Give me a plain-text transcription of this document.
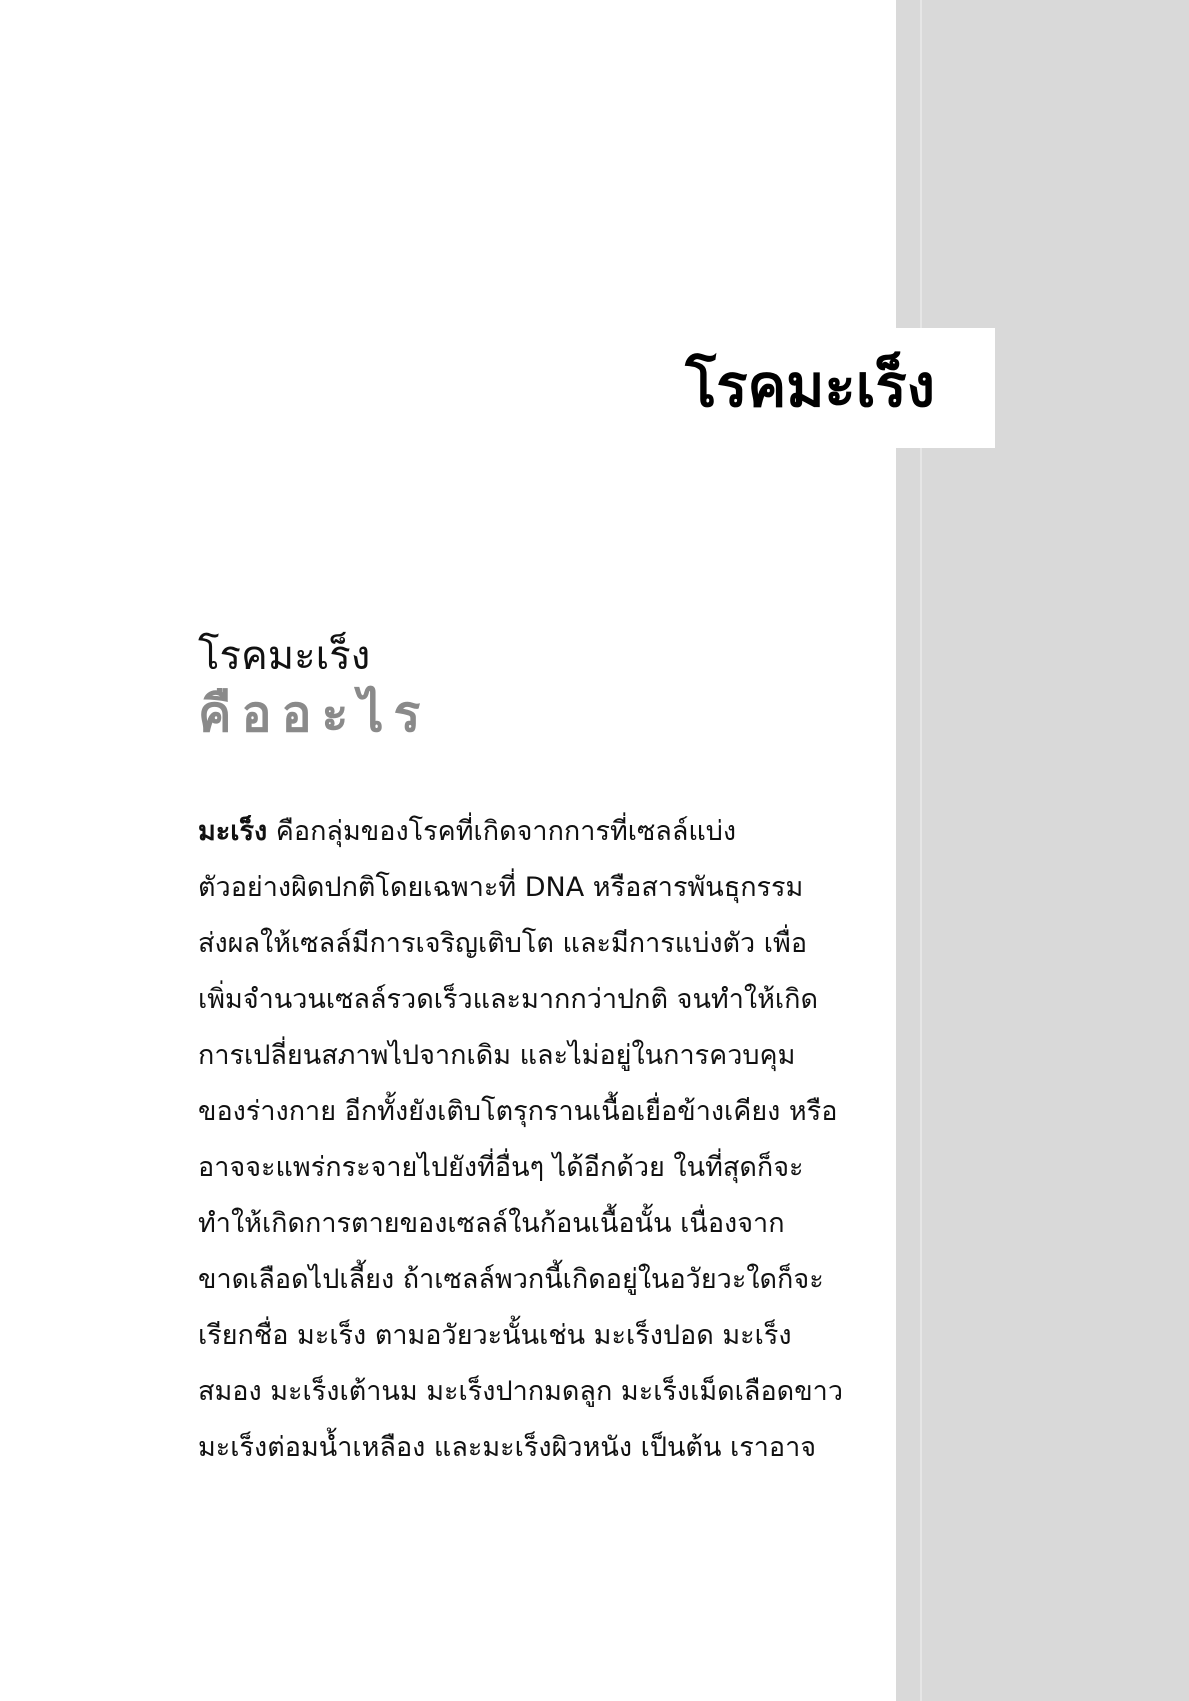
โรคมะเร็ง
โรคมะเร็ง
คืออะไร
มะเร็ง คือกลุ่มของโรคที่เกิดจากการที่เซลล์แบ่ง
ตัวอย่างผิดปกติโดยเฉพาะที่ DNA หรือสารพันธุกรรม
ส่งผลให้เซลล์มีการเจริญเติบโต และมีการแบ่งตัว เพื่อ
เพิ่มจำนวนเซลล์รวดเร็วและมากกว่าปกติ จนทำให้เกิด
การเปลี่ยนสภาพไปจากเดิม และไม่อยู่ในการควบคุม
ของร่างกาย อีกทั้งยังเติบโตรุกรานเนื้อเยื่อข้างเคียง หรือ
อาจจะแพร่กระจายไปยังที่อื่นๆ ได้อีกด้วย ในที่สุดก็จะ
ทำให้เกิดการตายของเซลล์ในก้อนเนื้อนั้น เนื่องจาก
ขาดเลือดไปเลี้ยง ถ้าเซลล์พวกนี้เกิดอยู่ในอวัยวะใดก็จะ
เรียกชื่อ มะเร็ง ตามอวัยวะนั้นเช่น มะเร็งปอด มะเร็ง
สมอง มะเร็งเต้านม มะเร็งปากมดลูก มะเร็งเม็ดเลือดขาว
มะเร็งต่อมน้ำเหลือง และมะเร็งผิวหนัง เป็นต้น เราอาจ
